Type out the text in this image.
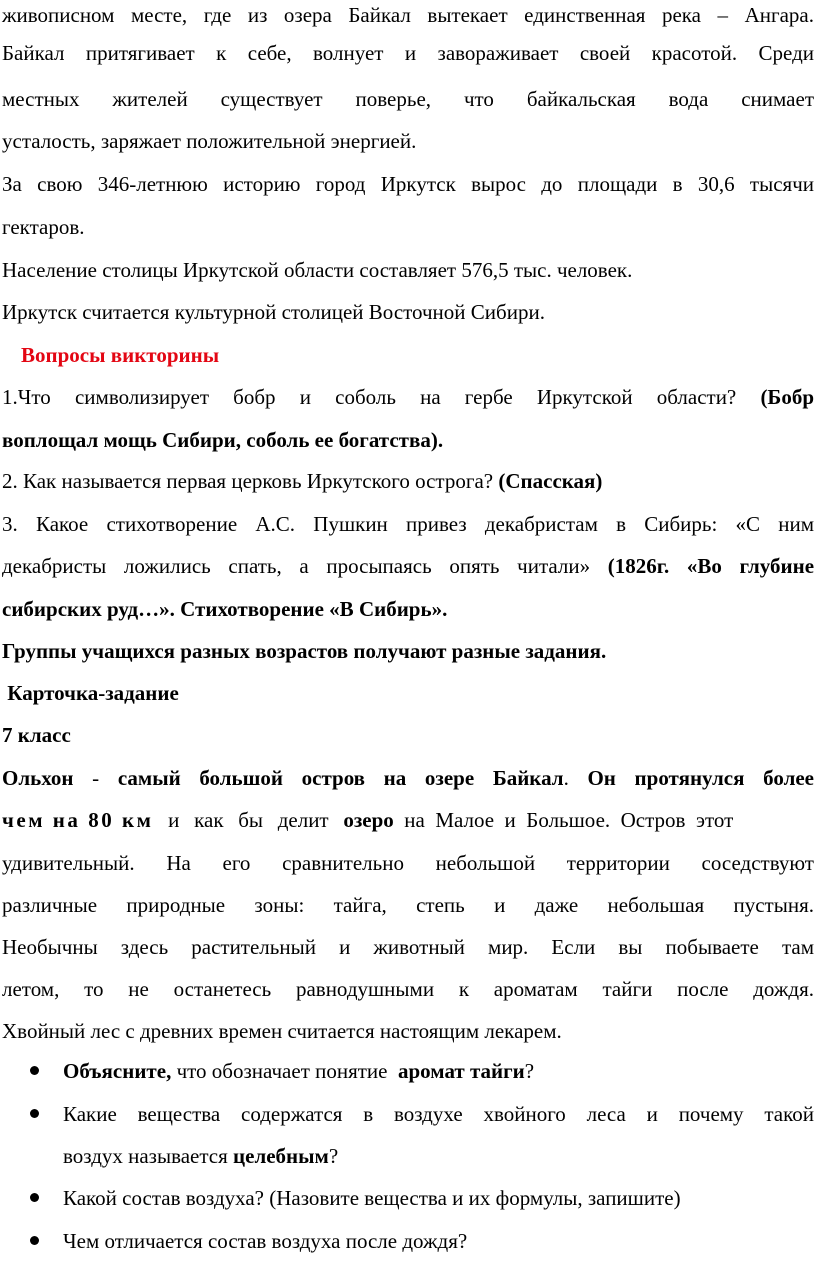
живописном месте, где из озера Байкал вытекает единственная река – Ангара.
Байкал притягивает к себе, волнует и завораживает своей красотой. Среди
местных жителей существует поверье, что байкальская вода снимает
усталость, заряжает положительной энергией.
За свою 346-летнюю историю город Иркутск вырос до площади в 30,6 тысячи
гектаров.
Население столицы Иркутской области составляет 576,5 тыс. человек.
Иркутск считается культурной столицей Восточной Сибири.
Вопросы викторины
1.Что символизирует бобр и соболь на гербе Иркутской области? (Бобр
воплощал мощь Сибири, соболь ее богатства).
2. Как называется первая церковь Иркутского острога? (Спасская)
3. Какое стихотворение А.С. Пушкин привез декабристам в Сибирь: «С ним
декабристы ложились спать, а просыпаясь опять читали» (1826г. «Во глубине
сибирских руд…». Стихотворение «В Сибирь».
Группы учащихся разных возрастов получают разные задания.
Карточка-задание
7 класс
Ольхон - самый большой остров на озере Байкал. Он протянулся более
чем на 80 км и как бы делит озеро на Малое и Большое. Остров этот
удивительный. На его сравнительно небольшой территории соседствуют
различные природные зоны: тайга, степь и даже небольшая пустыня.
Необычны здесь растительный и животный мир. Если вы побываете там
летом, то не останетесь равнодушными к ароматам тайги после дождя.
Хвойный лес с древних времен считается настоящим лекарем.
Объясните, что обозначает понятие  аромат тайги?
Какие вещества содержатся в воздухе хвойного леса и почему такой
воздух называется целебным?
Какой состав воздуха? (Назовите вещества и их формулы, запишите)
Чем отличается состав воздуха после дождя?
